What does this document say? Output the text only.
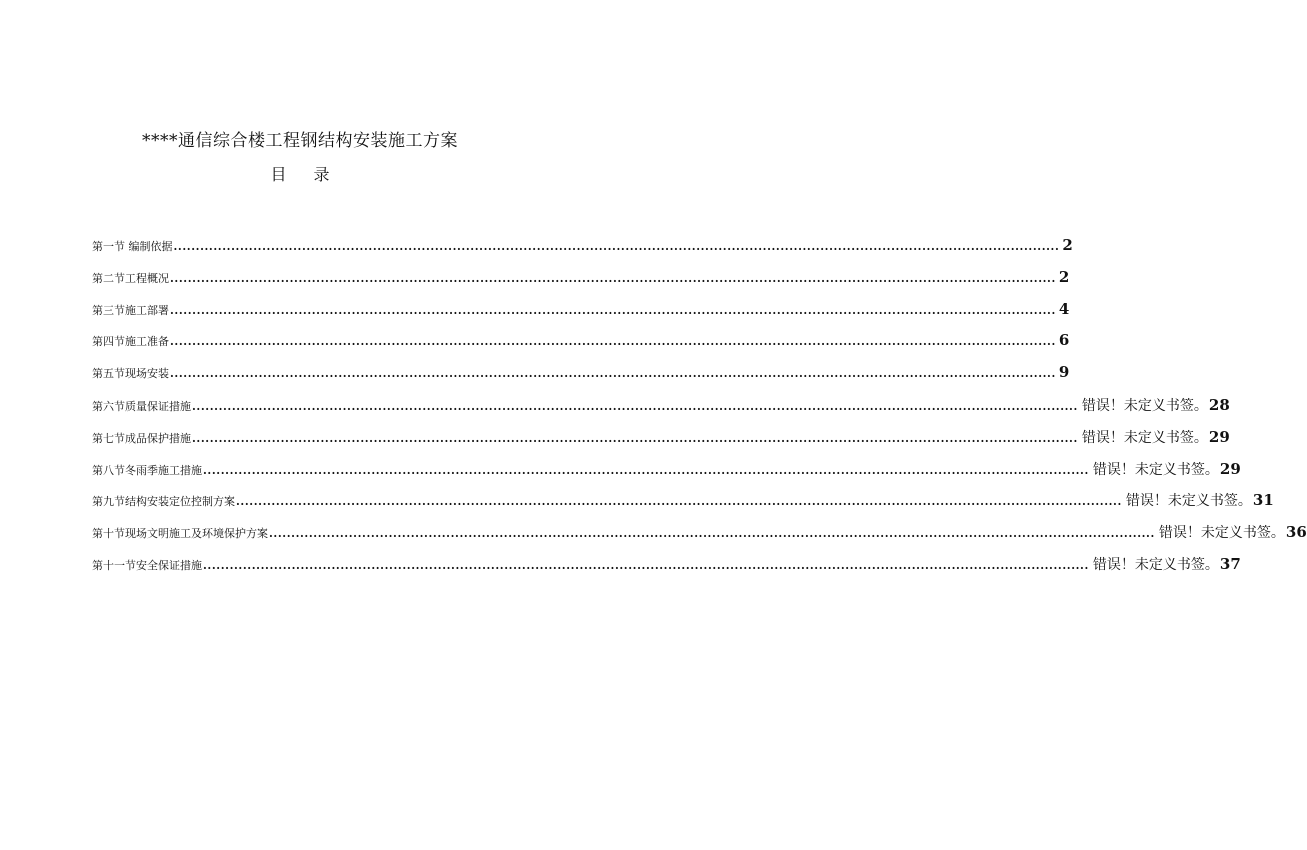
****通信综合楼工程钢结构安装施工方案
目 录
第一节 编制依据 ........................................................................................................................................................................................................ 2
第二节工程概况 ........................................................................................................................................................................................................ 2
第三节施工部署 ........................................................................................................................................................................................................ 4
第四节施工准备 ........................................................................................................................................................................................................ 6
第五节现场安装 ........................................................................................................................................................................................................ 9
第六节质量保证措施 ........................................................................................................................................................................................................ 错误！未定义书签。 28
第七节成品保护措施 ........................................................................................................................................................................................................ 错误！未定义书签。 29
第八节冬雨季施工措施 ........................................................................................................................................................................................................ 错误！未定义书签。 29
第九节结构安装定位控制方案 ........................................................................................................................................................................................................ 错误！未定义书签。 31
第十节现场文明施工及环境保护方案 ........................................................................................................................................................................................................ 错误！未定义书签。 36
第十一节安全保证措施 ........................................................................................................................................................................................................ 错误！未定义书签。 37
